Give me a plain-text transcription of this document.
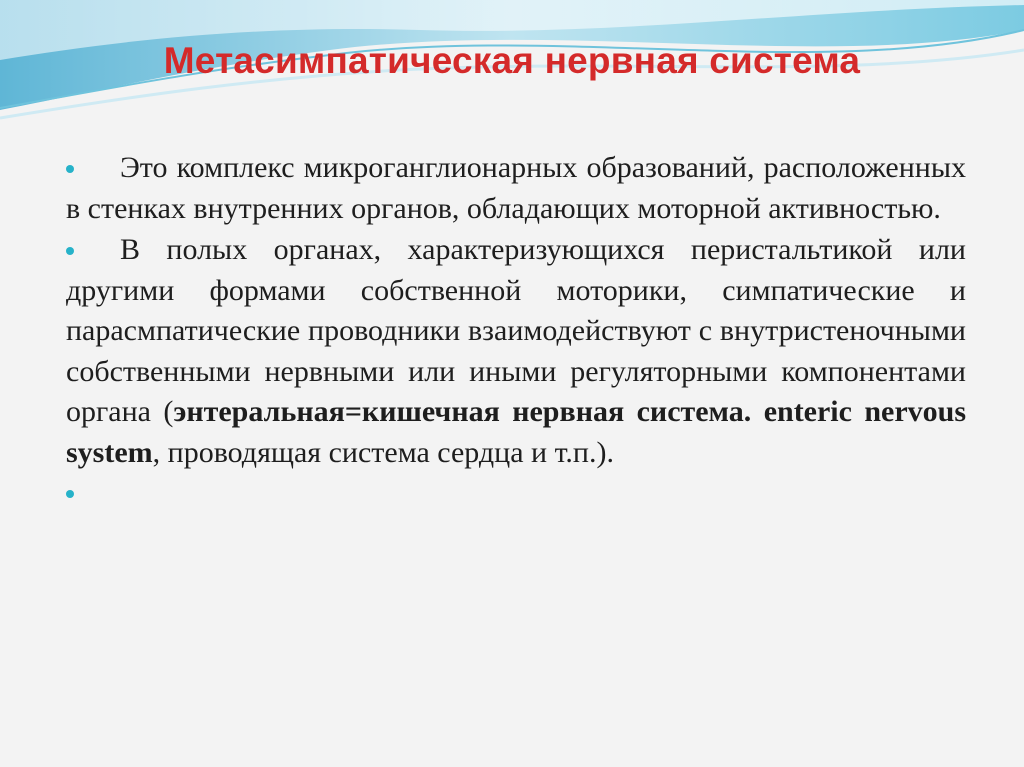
Метасимпатическая нервная система
Это комплекс микроганглионарных образований, расположенных в стенках внутренних органов, обладающих моторной активностью.
В полых органах, характеризующихся перистальтикой или другими формами собственной моторики, симпатические и парасмпатические проводники взаимодействуют с внутристеночными собственными нервными или иными регуляторными компонентами органа (энтеральная=кишечная нервная система. enteric nervous system, проводящая система сердца и т.п.).
